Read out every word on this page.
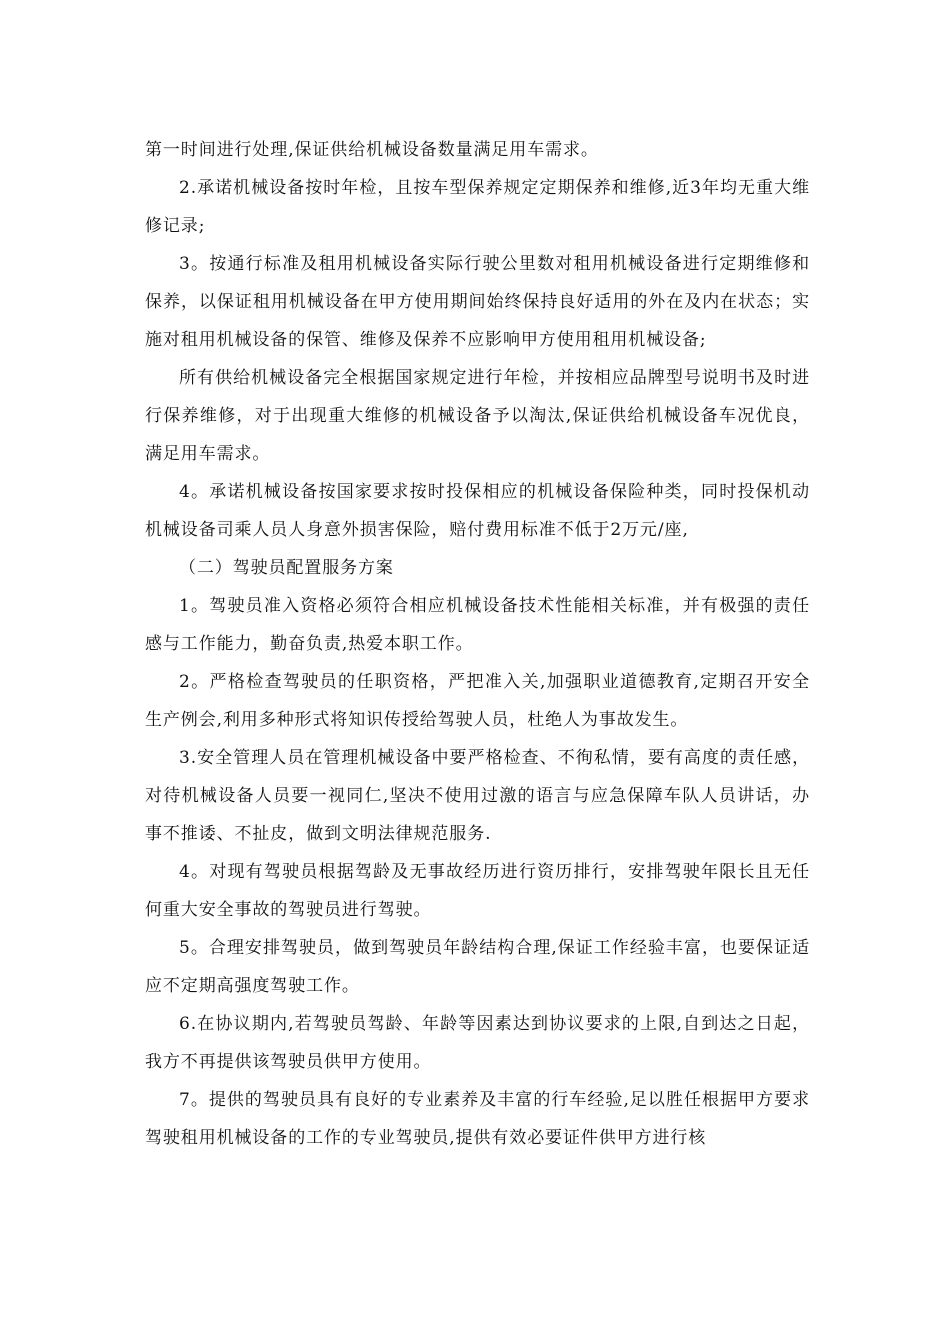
第一时间进行处理,保证供给机械设备数量满足用车需求。

2.承诺机械设备按时年检，且按车型保养规定定期保养和维修,近3年均无重大维修记录;

3。按通行标准及租用机械设备实际行驶公里数对租用机械设备进行定期维修和保养，以保证租用机械设备在甲方使用期间始终保持良好适用的外在及内在状态；实施对租用机械设备的保管、维修及保养不应影响甲方使用租用机械设备;

所有供给机械设备完全根据国家规定进行年检，并按相应品牌型号说明书及时进行保养维修，对于出现重大维修的机械设备予以淘汰,保证供给机械设备车况优良，满足用车需求。

4。承诺机械设备按国家要求按时投保相应的机械设备保险种类，同时投保机动机械设备司乘人员人身意外损害保险，赔付费用标准不低于2万元/座,

（二）驾驶员配置服务方案

1。驾驶员准入资格必须符合相应机械设备技术性能相关标准，并有极强的责任感与工作能力，勤奋负责,热爱本职工作。

2。严格检查驾驶员的任职资格，严把准入关,加强职业道德教育,定期召开安全生产例会,利用多种形式将知识传授给驾驶人员，杜绝人为事故发生。

3.安全管理人员在管理机械设备中要严格检查、不徇私情，要有高度的责任感，对待机械设备人员要一视同仁,坚决不使用过激的语言与应急保障车队人员讲话，办事不推诿、不扯皮，做到文明法律规范服务.

4。对现有驾驶员根据驾龄及无事故经历进行资历排行，安排驾驶年限长且无任何重大安全事故的驾驶员进行驾驶。

5。合理安排驾驶员，做到驾驶员年龄结构合理,保证工作经验丰富，也要保证适应不定期高强度驾驶工作。

6.在协议期内,若驾驶员驾龄、年龄等因素达到协议要求的上限,自到达之日起，我方不再提供该驾驶员供甲方使用。

7。提供的驾驶员具有良好的专业素养及丰富的行车经验,足以胜任根据甲方要求驾驶租用机械设备的工作的专业驾驶员,提供有效必要证件供甲方进行核
